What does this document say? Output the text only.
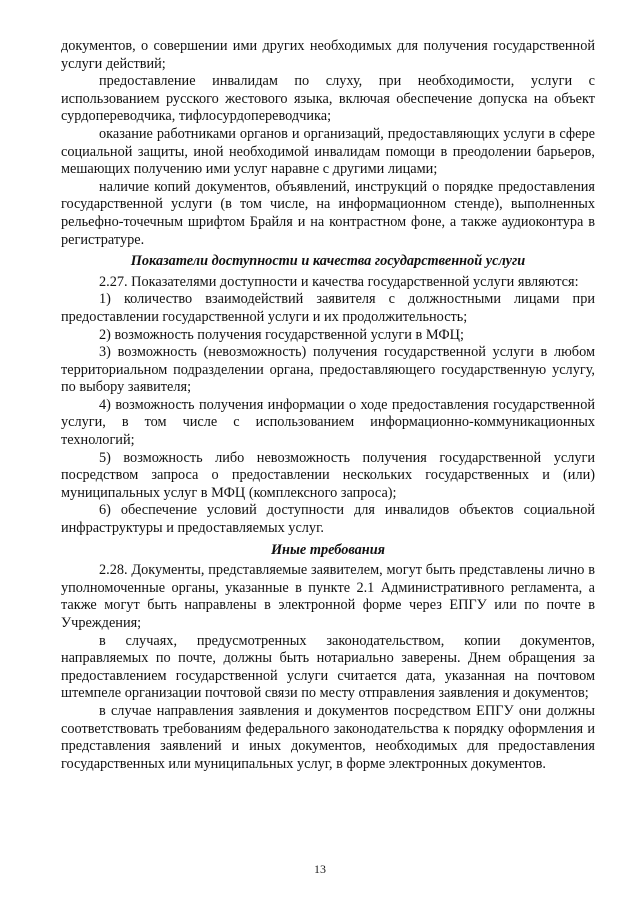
документов, о совершении ими других необходимых для получения государственной услуги действий;

предоставление инвалидам по слуху, при необходимости, услуги с использованием русского жестового языка, включая обеспечение допуска на объект сурдопереводчика, тифлосурдопереводчика;

оказание работниками органов и организаций, предоставляющих услуги в сфере социальной защиты, иной необходимой инвалидам помощи в преодолении барьеров, мешающих получению ими услуг наравне с другими лицами;

наличие копий документов, объявлений, инструкций о порядке предоставления государственной услуги (в том числе, на информационном стенде), выполненных рельефно-точечным шрифтом Брайля и на контрастном фоне, а также аудиоконтура в регистратуре.

Показатели доступности и качества государственной услуги

2.27. Показателями доступности и качества государственной услуги являются:

1) количество взаимодействий заявителя с должностными лицами при предоставлении государственной услуги и их продолжительность;

2) возможность получения государственной услуги в МФЦ;

3) возможность (невозможность) получения государственной услуги в любом территориальном подразделении органа, предоставляющего государственную услугу, по выбору заявителя;

4) возможность получения информации о ходе предоставления государственной услуги, в том числе с использованием информационно-коммуникационных технологий;

5) возможность либо невозможность получения государственной услуги посредством запроса о предоставлении нескольких государственных и (или) муниципальных услуг в МФЦ (комплексного запроса);

6) обеспечение условий доступности для инвалидов объектов социальной инфраструктуры и предоставляемых услуг.

Иные требования

2.28. Документы, представляемые заявителем, могут быть представлены лично в уполномоченные органы, указанные в пункте 2.1 Административного регламента, а также могут быть направлены в электронной форме через ЕПГУ или по почте в Учреждения;

в случаях, предусмотренных законодательством, копии документов, направляемых по почте, должны быть нотариально заверены. Днем обращения за предоставлением государственной услуги считается дата, указанная на почтовом штемпеле организации почтовой связи по месту отправления заявления и документов;

в случае направления заявления и документов посредством ЕПГУ они должны соответствовать требованиям федерального законодательства к порядку оформления и представления заявлений и иных документов, необходимых для предоставления государственных или муниципальных услуг, в форме электронных документов.

13
